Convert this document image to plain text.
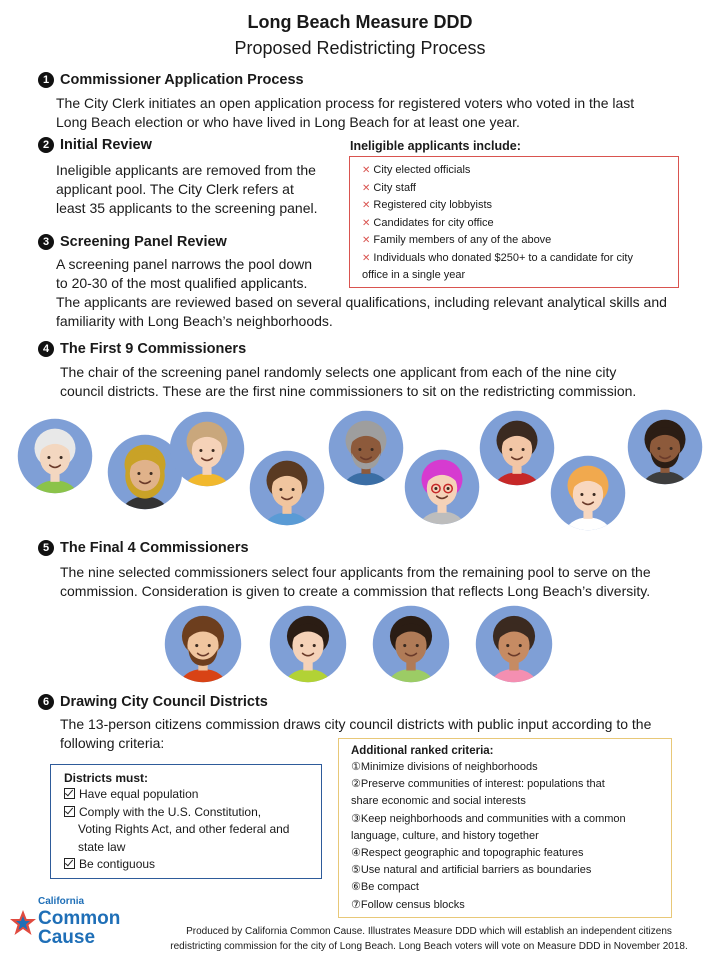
Long Beach Measure DDD
Proposed Redistricting Process
1 Commissioner Application Process
The City Clerk initiates an open application process for registered voters who voted in the last
Long Beach election or who have lived in Long Beach for at least one year.
2 Initial Review
Ineligible applicants are removed from the
applicant pool. The City Clerk refers at
least 35 applicants to the screening panel.
Ineligible applicants include:
✕ City elected officials
✕ City staff
✕ Registered city lobbyists
✕ Candidates for city office
✕ Family members of any of the above
✕ Individuals who donated $250+ to a candidate for city
office in a single year
3 Screening Panel Review
A screening panel narrows the pool down
to 20-30 of the most qualified applicants.
The applicants are reviewed based on several qualifications, including relevant analytical skills and
familiarity with Long Beach’s neighborhoods.
4 The First 9 Commissioners
The chair of the screening panel randomly selects one applicant from each of the nine city
council districts. These are the first nine commissioners to sit on the redistricting commission.
5 The Final 4 Commissioners
The nine selected commissioners select four applicants from the remaining pool to serve on the
commission. Consideration is given to create a commission that reflects Long Beach’s diversity.
6 Drawing City Council Districts
The 13-person citizens commission draws city council districts with public input according to the
following criteria:
Districts must:
Have equal population
Comply with the U.S. Constitution,
Voting Rights Act, and other federal and
state law
Be contiguous
Additional ranked criteria:
①Minimize divisions of neighborhoods
②Preserve communities of interest: populations that
share economic and social interests
③Keep neighborhoods and communities with a common
language, culture, and history together
④Respect geographic and topographic features
⑤Use natural and artificial barriers as boundaries
⑥Be compact
⑦Follow census blocks
California
Common
Cause	Produced by California Common Cause. Illustrates Measure DDD which will establish an independent citizens
redistricting commission for the city of Long Beach. Long Beach voters will vote on Measure DDD in November 2018.
